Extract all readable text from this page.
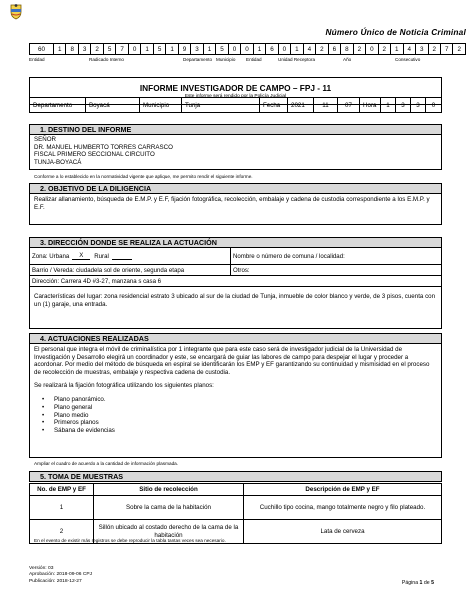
Número Único de Noticia Criminal
60	1	8	3	2	5	7	0	1	5	1	9	3	1	5	0	0	1	6	0	1	4	2	6	8	2	0	2	1	4	3	2	7	2
Entidad	Radicado Interno	Departamento Municipio Entidad	Unidad Receptora	Año	Consecutivo
INFORME INVESTIGADOR DE CAMPO – FPJ - 11
Este informe será rendido por la Policía Judicial
Departamento	Boyacá	Municipio	Tunja	Fecha	2021	11	07	Hora	1	3	3	0
1. DESTINO DEL INFORME
SEÑOR
DR. MANUEL HUMBERTO TORRES CARRASCO
FISCAL PRIMERO SECCIONAL CIRCUITO
TUNJA-BOYACÁ
Conforme a lo establecido en la normatividad vigente que aplique, me permito rendir el siguiente informe.
2. OBJETIVO DE LA DILIGENCIA
Realizar allanamiento, búsqueda de E.M.P. y E.F, fijación fotográfica, recolección, embalaje y cadena de custodia correspondiente a los E.M.P. y E.F.
3. DIRECCIÓN DONDE SE REALIZA LA ACTUACIÓN
Zona: Urbana	X	Rural	Nombre o número de comuna / localidad:
Barrio / Vereda: ciudadela sol de oriente, segunda etapa	Otros:
Dirección: Carrera 4D #3-27, manzana s casa 6
Características del lugar: zona residencial estrato 3 ubicado al sur de la ciudad de Tunja, inmueble de color blanco y verde, de 3 pisos, cuenta con un (1) garaje, una entrada.
4. ACTUACIONES REALIZADAS
El personal que integra el móvil de criminalística por 1 integrante que para este caso será de investigador judicial de la Universidad de Investigación y Desarrollo elegirá un coordinador y este, se encargará de guiar las labores de campo para despejar el lugar y proceder a acordonar. Por medio del método de búsqueda en espiral se identificarán los EMP y EF garantizando su continuidad y mismisidad en el proceso de recolección de muestras, embalaje y respectiva cadena de custodia.
Se realizará la fijación fotográfica utilizando los siguientes planos:
• Plano panorámico.
• Plano general
• Plano medio
• Primeros planos
• Sábana de evidencias
Ampliar el cuadro de acuerdo a la cantidad de información plasmada.
5. TOMA DE MUESTRAS
No. de EMP y EF	Sitio de recolección	Descripción de EMP y EF
1	Sobre la cama de la habitación	Cuchillo tipo cocina, mango totalmente negro y filo plateado.
2	Sillón ubicado al costado derecho de la cama de la habitación	Lata de cerveza
En el evento de existir más registros se debe reproducir la tabla tantas veces sea necesario.
Versión: 03
Aprobación: 2018-09-06 CPJ
Publicación: 2018-12-27	Página 1 de 5
